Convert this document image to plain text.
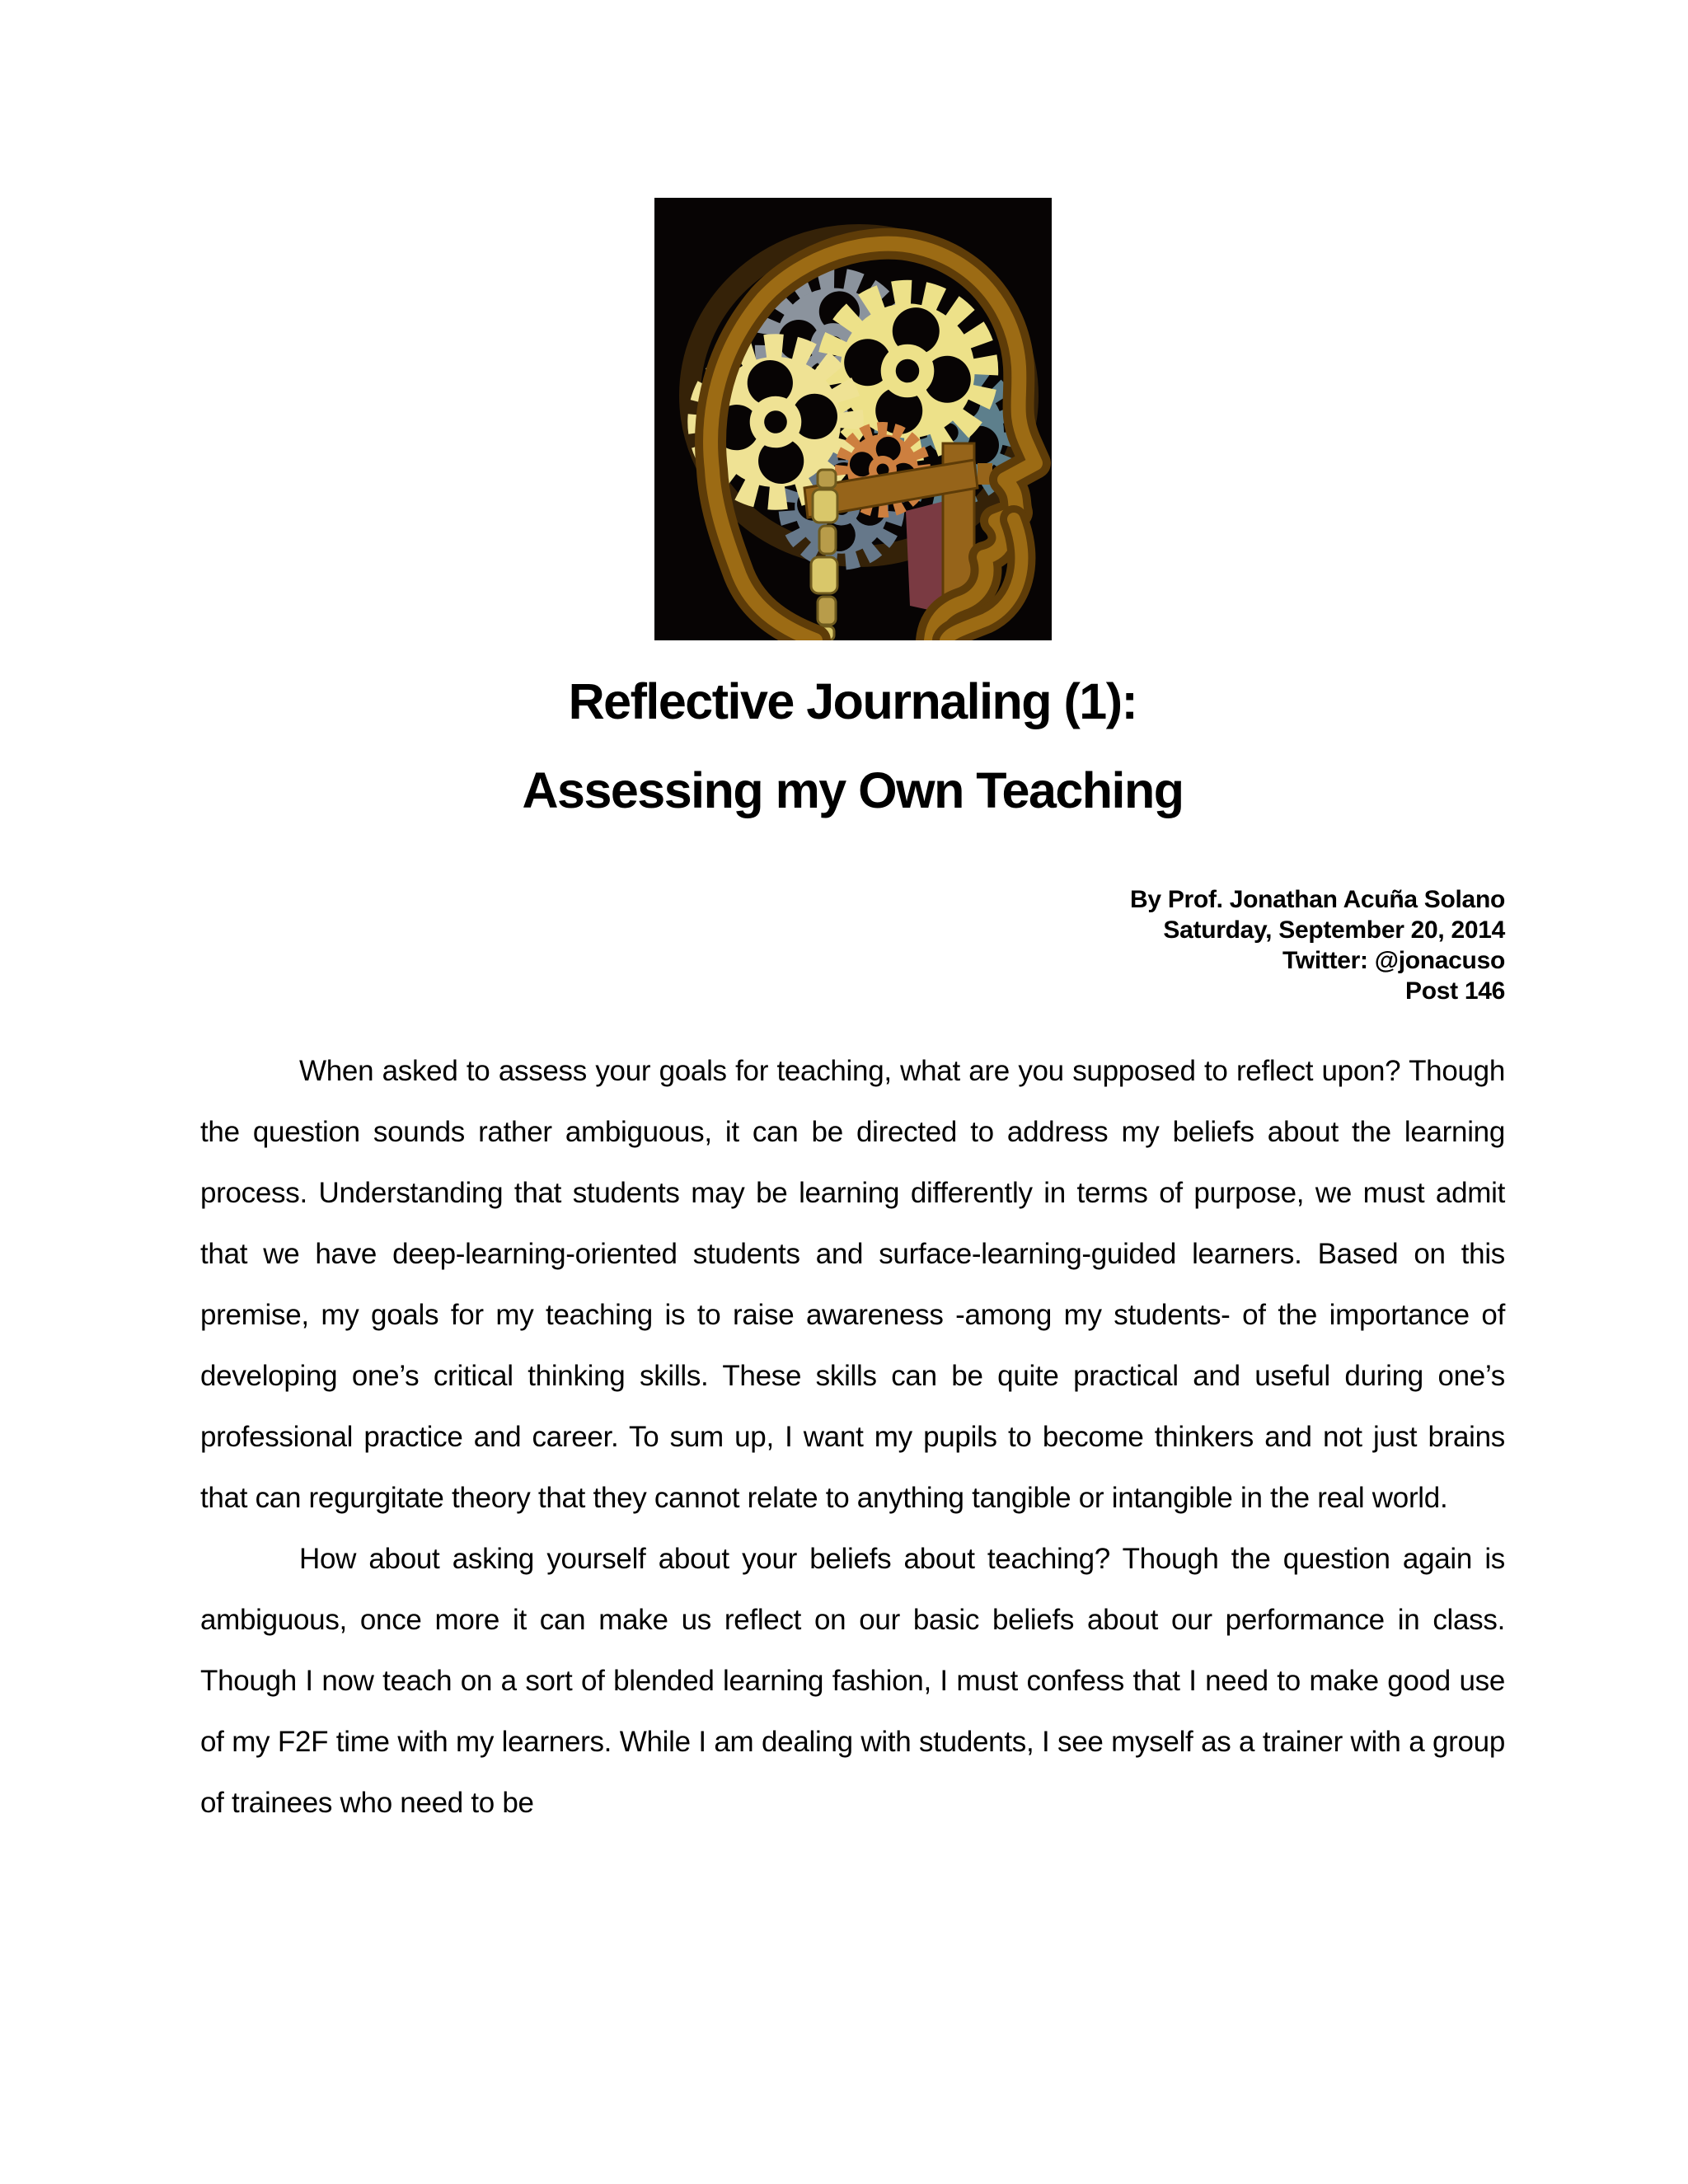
Reflective Journaling (1):
Assessing my Own Teaching
By Prof. Jonathan Acuña Solano
Saturday, September 20, 2014
Twitter: @jonacuso
Post 146

When asked to assess your goals for teaching, what are you supposed to reflect upon? Though the question sounds rather ambiguous, it can be directed to address my beliefs about the learning process. Understanding that students may be learning differently in terms of purpose, we must admit that we have deep-learning-oriented students and surface-learning-guided learners. Based on this premise, my goals for my teaching is to raise awareness -among my students- of the importance of developing one’s critical thinking skills. These skills can be quite practical and useful during one’s professional practice and career. To sum up, I want my pupils to become thinkers and not just brains that can regurgitate theory that they cannot relate to anything tangible or intangible in the real world.

How about asking yourself about your beliefs about teaching? Though the question again is ambiguous, once more it can make us reflect on our basic beliefs about our performance in class. Though I now teach on a sort of blended learning fashion, I must confess that I need to make good use of my F2F time with my learners. While I am dealing with students, I see myself as a trainer with a group of trainees who need to be
